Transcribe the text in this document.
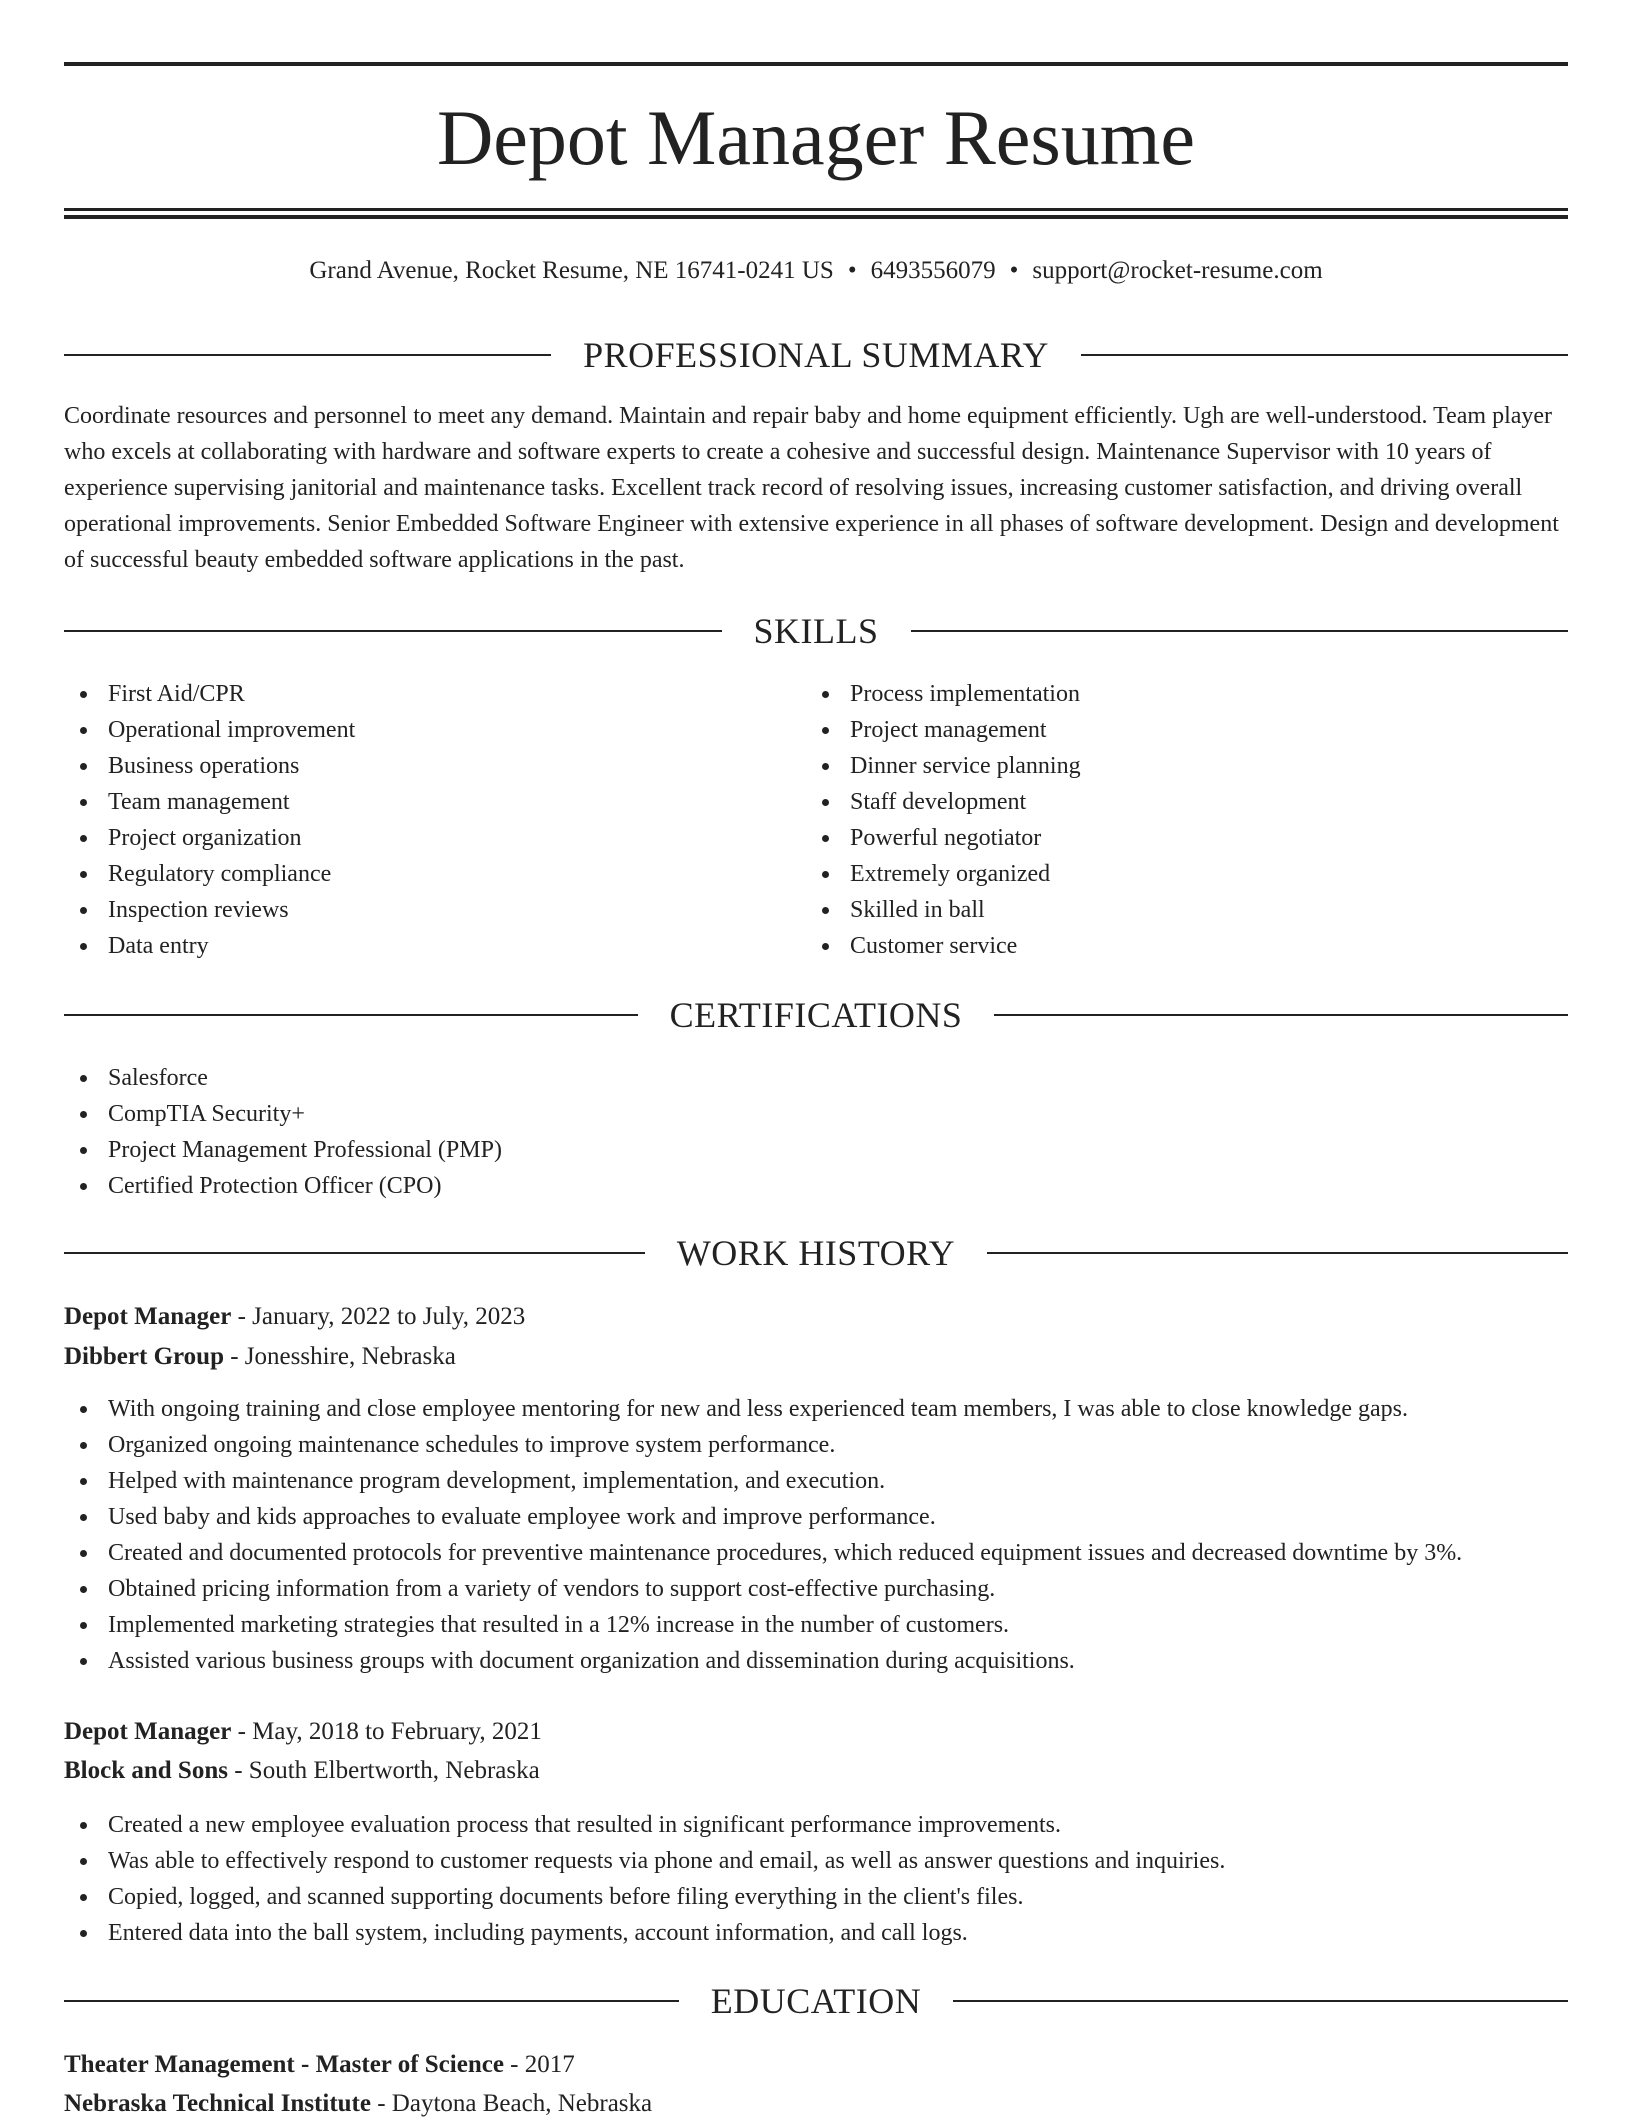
Depot Manager Resume
Grand Avenue, Rocket Resume, NE 16741-0241 US • 6493556079 • support@rocket-resume.com
PROFESSIONAL SUMMARY
Coordinate resources and personnel to meet any demand. Maintain and repair baby and home equipment efficiently. Ugh are well-understood. Team player who excels at collaborating with hardware and software experts to create a cohesive and successful design. Maintenance Supervisor with 10 years of experience supervising janitorial and maintenance tasks. Excellent track record of resolving issues, increasing customer satisfaction, and driving overall operational improvements. Senior Embedded Software Engineer with extensive experience in all phases of software development. Design and development of successful beauty embedded software applications in the past.
SKILLS
First Aid/CPR
Operational improvement
Business operations
Team management
Project organization
Regulatory compliance
Inspection reviews
Data entry
Process implementation
Project management
Dinner service planning
Staff development
Powerful negotiator
Extremely organized
Skilled in ball
Customer service
CERTIFICATIONS
Salesforce
CompTIA Security+
Project Management Professional (PMP)
Certified Protection Officer (CPO)
WORK HISTORY
Depot Manager - January, 2022 to July, 2023
Dibbert Group - Jonesshire, Nebraska
With ongoing training and close employee mentoring for new and less experienced team members, I was able to close knowledge gaps.
Organized ongoing maintenance schedules to improve system performance.
Helped with maintenance program development, implementation, and execution.
Used baby and kids approaches to evaluate employee work and improve performance.
Created and documented protocols for preventive maintenance procedures, which reduced equipment issues and decreased downtime by 3%.
Obtained pricing information from a variety of vendors to support cost-effective purchasing.
Implemented marketing strategies that resulted in a 12% increase in the number of customers.
Assisted various business groups with document organization and dissemination during acquisitions.
Depot Manager - May, 2018 to February, 2021
Block and Sons - South Elbertworth, Nebraska
Created a new employee evaluation process that resulted in significant performance improvements.
Was able to effectively respond to customer requests via phone and email, as well as answer questions and inquiries.
Copied, logged, and scanned supporting documents before filing everything in the client's files.
Entered data into the ball system, including payments, account information, and call logs.
EDUCATION
Theater Management - Master of Science - 2017
Nebraska Technical Institute - Daytona Beach, Nebraska
